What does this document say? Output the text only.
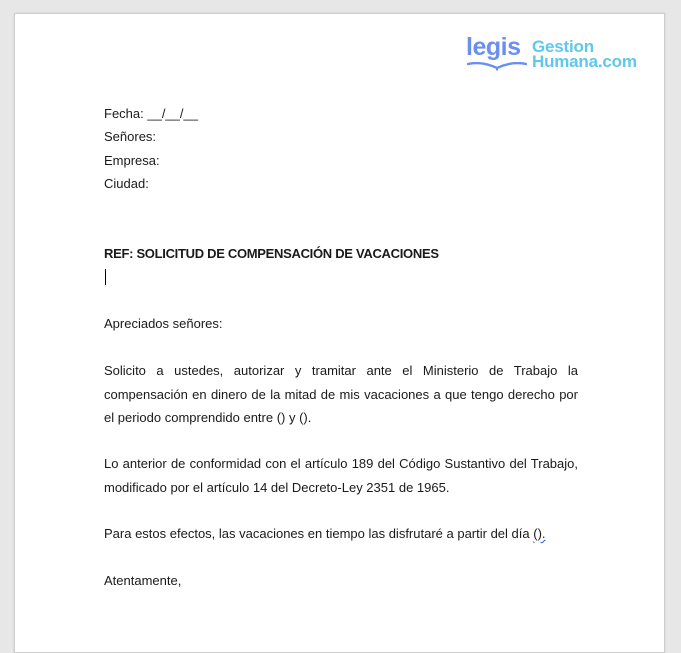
legis Gestion
Humana.com
Fecha: __/__/__
Señores:
Empresa:
Ciudad:
REF: SOLICITUD DE COMPENSACIÓN DE VACACIONES
Apreciados señores:
Solicito a ustedes, autorizar y tramitar ante el Ministerio de Trabajo la compensación en dinero de la mitad de mis vacaciones a que tengo derecho por el periodo comprendido entre () y ().
Lo anterior de conformidad con el artículo 189 del Código Sustantivo del Trabajo, modificado por el artículo 14 del Decreto-Ley 2351 de 1965.
Para estos efectos, las vacaciones en tiempo las disfrutaré a partir del día ().
Atentamente,
